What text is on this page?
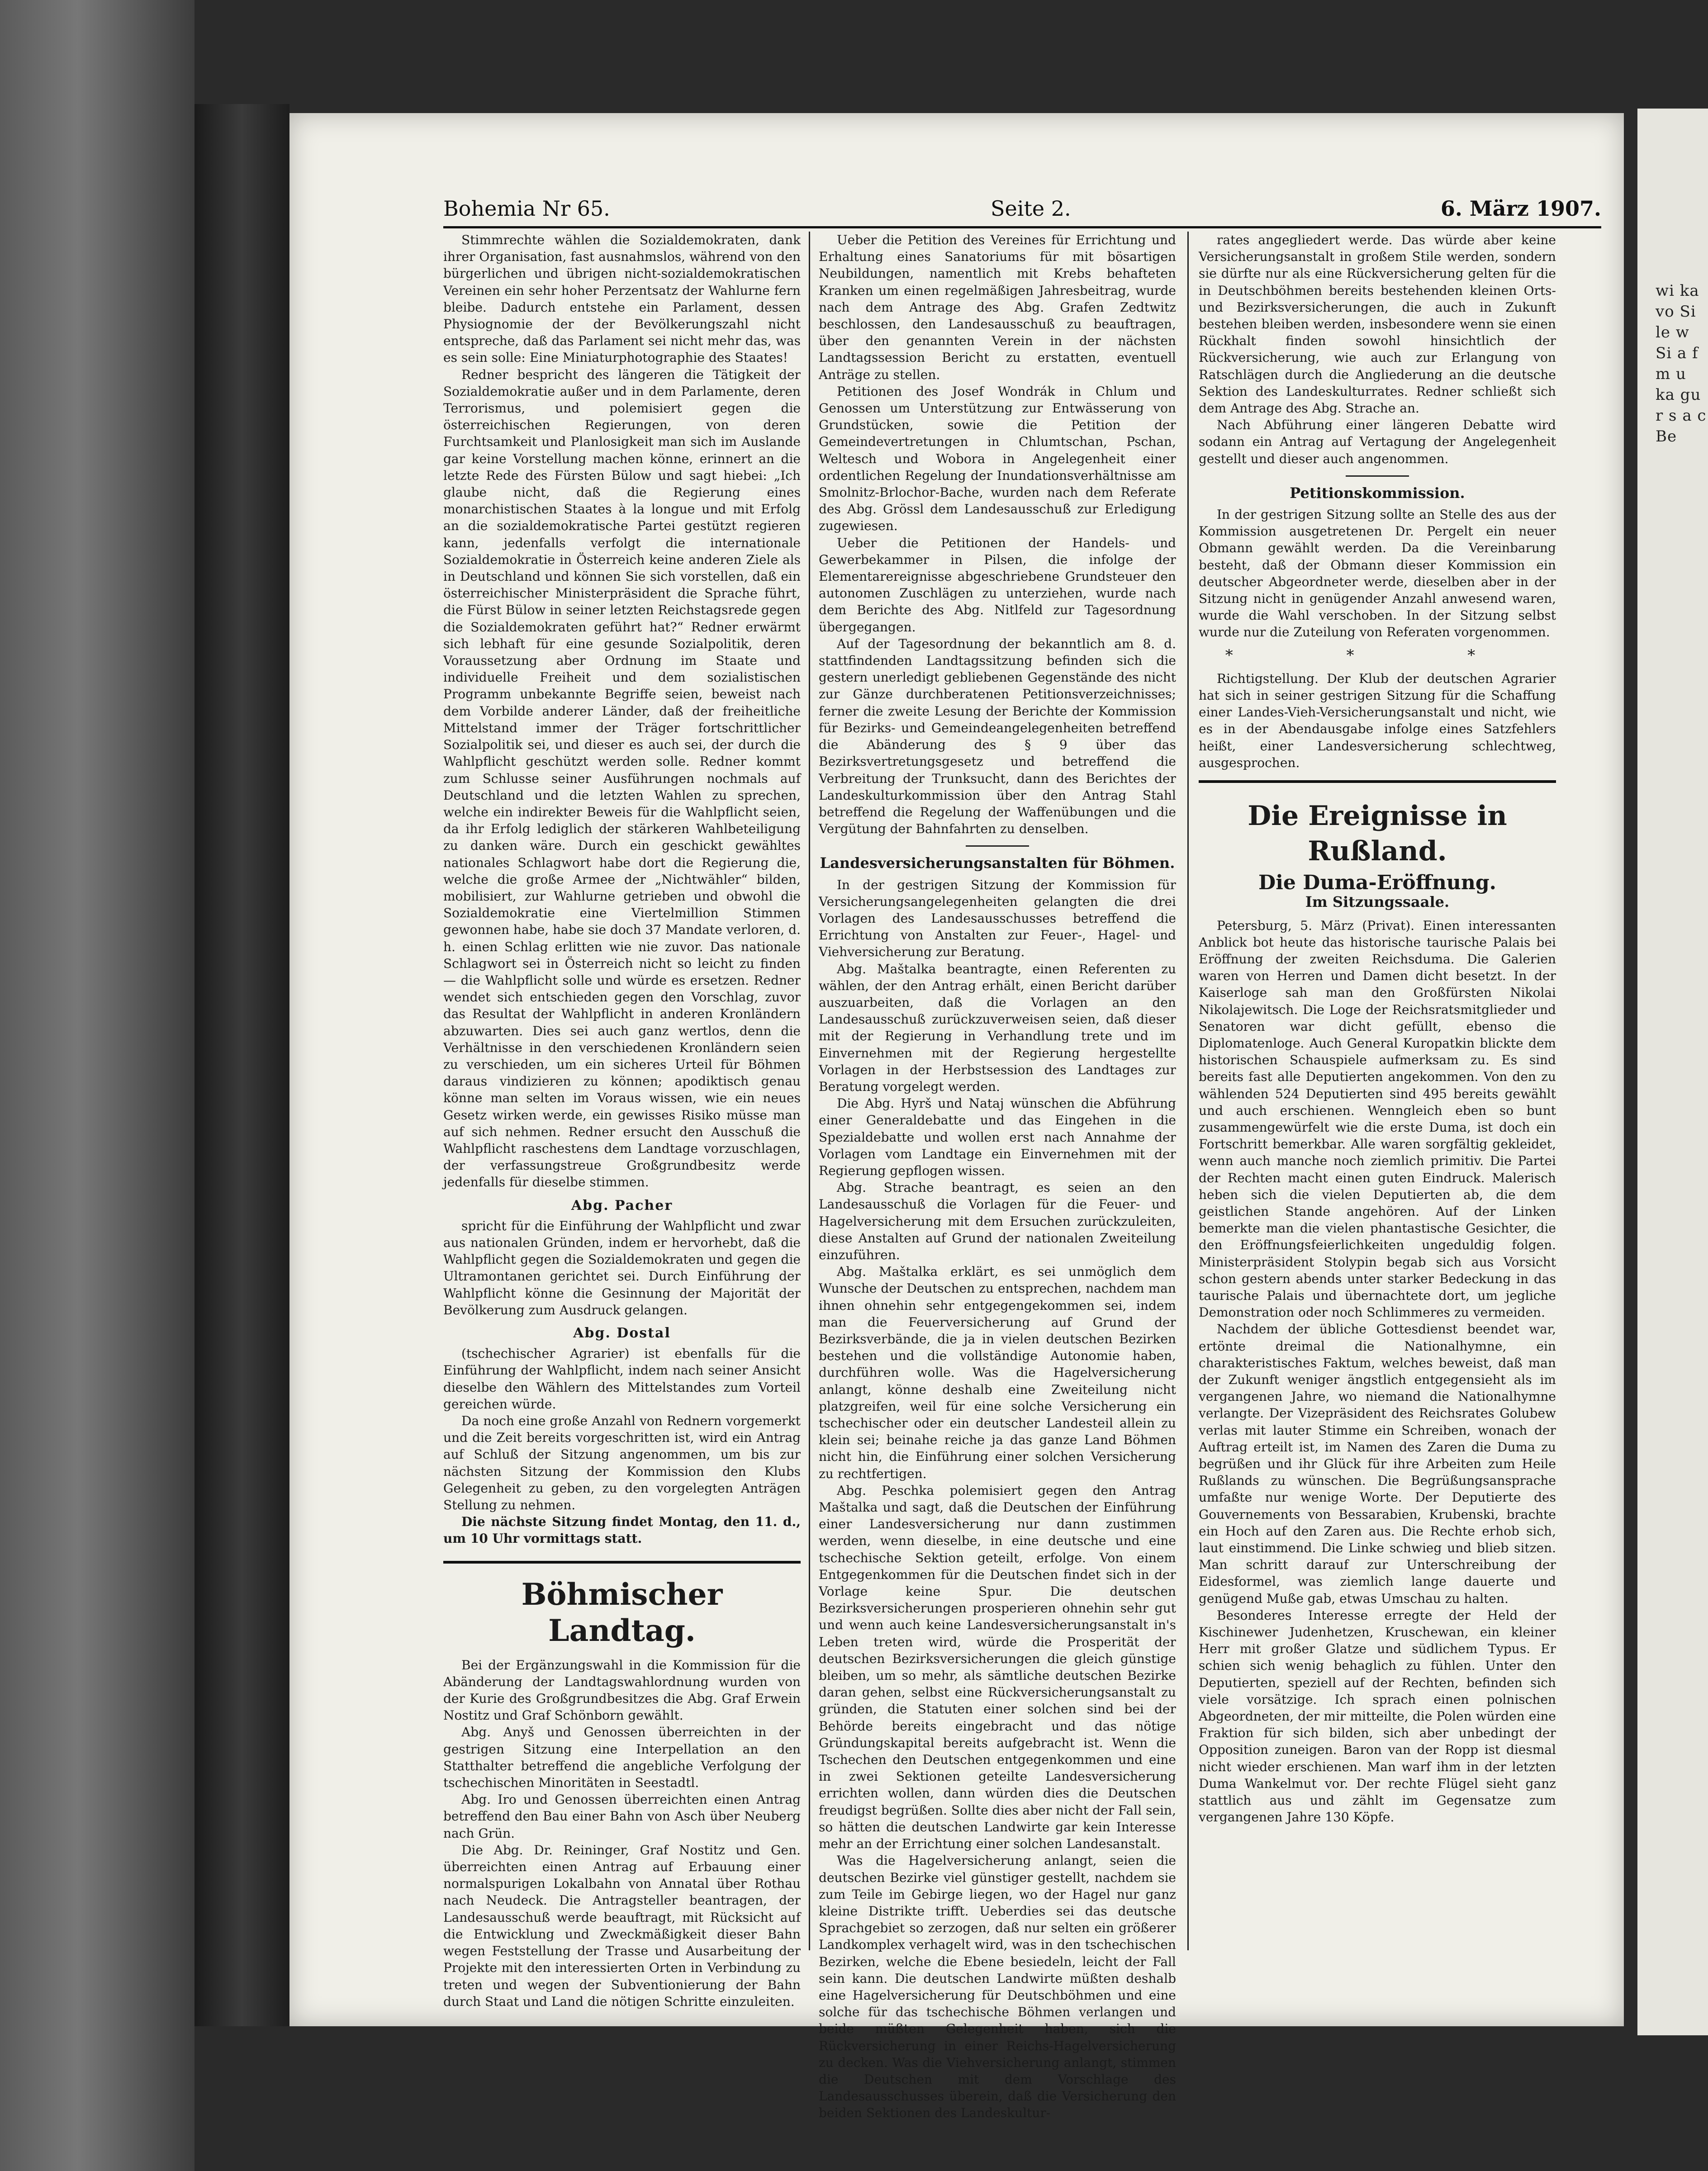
Bohemia Nr 65.	Seite 2.	6. März 1907.

Stimmrechte wählen die Sozialdemokraten, dank ihrer Organisation, fast ausnahmslos, während von den bürgerlichen und übrigen nicht-sozialdemokratischen Vereinen ein sehr hoher Perzentsatz der Wahlurne fern bleibe. Dadurch entstehe ein Parlament, dessen Physiognomie der der Bevölkerungszahl nicht entspreche, daß das Parlament sei nicht mehr das, was es sein solle: Eine Miniaturphotographie des Staates!

Redner bespricht des längeren die Tätigkeit der Sozialdemokratie außer und in dem Parlamente, deren Terrorismus, und polemisiert gegen die österreichischen Regierungen, von deren Furchtsamkeit und Planlosigkeit man sich im Auslande gar keine Vorstellung machen könne, erinnert an die letzte Rede des Fürsten Bülow und sagt hiebei: „Ich glaube nicht, daß die Regierung eines monarchistischen Staates à la longue und mit Erfolg an die sozialdemokratische Partei gestützt regieren kann, jedenfalls verfolgt die internationale Sozialdemokratie in Österreich keine anderen Ziele als in Deutschland und können Sie sich vorstellen, daß ein österreichischer Ministerpräsident die Sprache führt, die Fürst Bülow in seiner letzten Reichstagsrede gegen die Sozialdemokraten geführt hat?“ Redner erwärmt sich lebhaft für eine gesunde Sozialpolitik, deren Voraussetzung aber Ordnung im Staate und individuelle Freiheit und dem sozialistischen Programm unbekannte Begriffe seien, beweist nach dem Vorbilde anderer Länder, daß der freiheitliche Mittelstand immer der Träger fortschrittlicher Sozialpolitik sei, und dieser es auch sei, der durch die Wahlpflicht geschützt werden solle. Redner kommt zum Schlusse seiner Ausführungen nochmals auf Deutschland und die letzten Wahlen zu sprechen, welche ein indirekter Beweis für die Wahlpflicht seien, da ihr Erfolg lediglich der stärkeren Wahlbeteiligung zu danken wäre. Durch ein geschickt gewähltes nationales Schlagwort habe dort die Regierung die, welche die große Armee der „Nichtwähler“ bilden, mobilisiert, zur Wahlurne getrieben und obwohl die Sozialdemokratie eine Viertelmillion Stimmen gewonnen habe, habe sie doch 37 Mandate verloren, d. h. einen Schlag erlitten wie nie zuvor. Das nationale Schlagwort sei in Österreich nicht so leicht zu finden — die Wahlpflicht solle und würde es ersetzen. Redner wendet sich entschieden gegen den Vorschlag, zuvor das Resultat der Wahlpflicht in anderen Kronländern abzuwarten. Dies sei auch ganz wertlos, denn die Verhältnisse in den verschiedenen Kronländern seien zu verschieden, um ein sicheres Urteil für Böhmen daraus vindizieren zu können; apodiktisch genau könne man selten im Voraus wissen, wie ein neues Gesetz wirken werde, ein gewisses Risiko müsse man auf sich nehmen. Redner ersucht den Ausschuß die Wahlpflicht raschestens dem Landtage vorzuschlagen, der verfassungstreue Großgrundbesitz werde jedenfalls für dieselbe stimmen.

Abg. Pacher

spricht für die Einführung der Wahlpflicht und zwar aus nationalen Gründen, indem er hervorhebt, daß die Wahlpflicht gegen die Sozialdemokraten und gegen die Ultramontanen gerichtet sei. Durch Einführung der Wahlpflicht könne die Gesinnung der Majorität der Bevölkerung zum Ausdruck gelangen.

Abg. Dostal

(tschechischer Agrarier) ist ebenfalls für die Einführung der Wahlpflicht, indem nach seiner Ansicht dieselbe den Wählern des Mittelstandes zum Vorteil gereichen würde.

Da noch eine große Anzahl von Rednern vorgemerkt und die Zeit bereits vorgeschritten ist, wird ein Antrag auf Schluß der Sitzung angenommen, um bis zur nächsten Sitzung der Kommission den Klubs Gelegenheit zu geben, zu den vorgelegten Anträgen Stellung zu nehmen.

Die nächste Sitzung findet Montag, den 11. d., um 10 Uhr vormittags statt.

Böhmischer Landtag.

Bei der Ergänzungswahl in die Kommission für die Abänderung der Landtagswahlordnung wurden von der Kurie des Großgrundbesitzes die Abg. Graf Erwein Nostitz und Graf Schönborn gewählt.

Abg. Anyš und Genossen überreichten in der gestrigen Sitzung eine Interpellation an den Statthalter betreffend die angebliche Verfolgung der tschechischen Minoritäten in Seestadtl.

Abg. Iro und Genossen überreichten einen Antrag betreffend den Bau einer Bahn von Asch über Neuberg nach Grün.

Die Abg. Dr. Reininger, Graf Nostitz und Gen. überreichten einen Antrag auf Erbauung einer normalspurigen Lokalbahn von Annatal über Rothau nach Neudeck. Die Antragsteller beantragen, der Landesausschuß werde beauftragt, mit Rücksicht auf die Entwicklung und Zweckmäßigkeit dieser Bahn wegen Feststellung der Trasse und Ausarbeitung der Projekte mit den interessierten Orten in Verbindung zu treten und wegen der Subventionierung der Bahn durch Staat und Land die nötigen Schritte einzuleiten.

Ueber die Petition des Vereines für Errichtung und Erhaltung eines Sanatoriums für mit bösartigen Neubildungen, namentlich mit Krebs behafteten Kranken um einen regelmäßigen Jahresbeitrag, wurde nach dem Antrage des Abg. Grafen Zedtwitz beschlossen, den Landesausschuß zu beauftragen, über den genannten Verein in der nächsten Landtagssession Bericht zu erstatten, eventuell Anträge zu stellen.

Petitionen des Josef Wondrák in Chlum und Genossen um Unterstützung zur Entwässerung von Grundstücken, sowie die Petition der Gemeindevertretungen in Chlumtschan, Pschan, Weltesch und Wobora in Angelegenheit einer ordentlichen Regelung der Inundationsverhältnisse am Smolnitz-Brlochor-Bache, wurden nach dem Referate des Abg. Grössl dem Landesausschuß zur Erledigung zugewiesen.

Ueber die Petitionen der Handels- und Gewerbekammer in Pilsen, die infolge der Elementarereignisse abgeschriebene Grundsteuer den autonomen Zuschlägen zu unterziehen, wurde nach dem Berichte des Abg. Nitlfeld zur Tagesordnung übergegangen.

Auf der Tagesordnung der bekanntlich am 8. d. stattfindenden Landtagssitzung befinden sich die gestern unerledigt gebliebenen Gegenstände des nicht zur Gänze durchberatenen Petitionsverzeichnisses; ferner die zweite Lesung der Berichte der Kommission für Bezirks- und Gemeindeangelegenheiten betreffend die Abänderung des § 9 über das Bezirksvertretungsgesetz und betreffend die Verbreitung der Trunksucht, dann des Berichtes der Landeskulturkommission über den Antrag Stahl betreffend die Regelung der Waffenübungen und die Vergütung der Bahnfahrten zu denselben.

Landesversicherungsanstalten für Böhmen.

In der gestrigen Sitzung der Kommission für Versicherungsangelegenheiten gelangten die drei Vorlagen des Landesausschusses betreffend die Errichtung von Anstalten zur Feuer-, Hagel- und Viehversicherung zur Beratung.

Abg. Maštalka beantragte, einen Referenten zu wählen, der den Antrag erhält, einen Bericht darüber auszuarbeiten, daß die Vorlagen an den Landesausschuß zurückzuverweisen seien, daß dieser mit der Regierung in Verhandlung trete und im Einvernehmen mit der Regierung hergestellte Vorlagen in der Herbstsession des Landtages zur Beratung vorgelegt werden.

Die Abg. Hyrš und Nataj wünschen die Abführung einer Generaldebatte und das Eingehen in die Spezialdebatte und wollen erst nach Annahme der Vorlagen vom Landtage ein Einvernehmen mit der Regierung gepflogen wissen.

Abg. Strache beantragt, es seien an den Landesausschuß die Vorlagen für die Feuer- und Hagelversicherung mit dem Ersuchen zurückzuleiten, diese Anstalten auf Grund der nationalen Zweiteilung einzuführen.

Abg. Maštalka erklärt, es sei unmöglich dem Wunsche der Deutschen zu entsprechen, nachdem man ihnen ohnehin sehr entgegengekommen sei, indem man die Feuerversicherung auf Grund der Bezirksverbände, die ja in vielen deutschen Bezirken bestehen und die vollständige Autonomie haben, durchführen wolle. Was die Hagelversicherung anlangt, könne deshalb eine Zweiteilung nicht platzgreifen, weil für eine solche Versicherung ein tschechischer oder ein deutscher Landesteil allein zu klein sei; beinahe reiche ja das ganze Land Böhmen nicht hin, die Einführung einer solchen Versicherung zu rechtfertigen.

Abg. Peschka polemisiert gegen den Antrag Maštalka und sagt, daß die Deutschen der Einführung einer Landesversicherung nur dann zustimmen werden, wenn dieselbe, in eine deutsche und eine tschechische Sektion geteilt, erfolge. Von einem Entgegenkommen für die Deutschen findet sich in der Vorlage keine Spur. Die deutschen Bezirksversicherungen prosperieren ohnehin sehr gut und wenn auch keine Landesversicherungsanstalt in's Leben treten wird, würde die Prosperität der deutschen Bezirksversicherungen die gleich günstige bleiben, um so mehr, als sämtliche deutschen Bezirke daran gehen, selbst eine Rückversicherungsanstalt zu gründen, die Statuten einer solchen sind bei der Behörde bereits eingebracht und das nötige Gründungskapital bereits aufgebracht ist. Wenn die Tschechen den Deutschen entgegenkommen und eine in zwei Sektionen geteilte Landesversicherung errichten wollen, dann würden dies die Deutschen freudigst begrüßen. Sollte dies aber nicht der Fall sein, so hätten die deutschen Landwirte gar kein Interesse mehr an der Errichtung einer solchen Landesanstalt.

Was die Hagelversicherung anlangt, seien die deutschen Bezirke viel günstiger gestellt, nachdem sie zum Teile im Gebirge liegen, wo der Hagel nur ganz kleine Distrikte trifft. Ueberdies sei das deutsche Sprachgebiet so zerzogen, daß nur selten ein größerer Landkomplex verhagelt wird, was in den tschechischen Bezirken, welche die Ebene besiedeln, leicht der Fall sein kann. Die deutschen Landwirte müßten deshalb eine Hagelversicherung für Deutschböhmen und eine solche für das tschechische Böhmen verlangen und beide müßten Gelegenheit haben, sich die Rückversicherung in einer Reichs-Hagelversicherung zu decken. Was die Viehversicherung anlangt, stimmen die Deutschen mit dem Vorschlage des Landesausschusses überein, daß die Versicherung den beiden Sektionen des Landeskultur-

rates angegliedert werde. Das würde aber keine Versicherungsanstalt in großem Stile werden, sondern sie dürfte nur als eine Rückversicherung gelten für die in Deutschböhmen bereits bestehenden kleinen Orts- und Bezirksversicherungen, die auch in Zukunft bestehen bleiben werden, insbesondere wenn sie einen Rückhalt finden sowohl hinsichtlich der Rückversicherung, wie auch zur Erlangung von Ratschlägen durch die Angliederung an die deutsche Sektion des Landeskulturrates. Redner schließt sich dem Antrage des Abg. Strache an.

Nach Abführung einer längeren Debatte wird sodann ein Antrag auf Vertagung der Angelegenheit gestellt und dieser auch angenommen.

Petitionskommission.

In der gestrigen Sitzung sollte an Stelle des aus der Kommission ausgetretenen Dr. Pergelt ein neuer Obmann gewählt werden. Da die Vereinbarung besteht, daß der Obmann dieser Kommission ein deutscher Abgeordneter werde, dieselben aber in der Sitzung nicht in genügender Anzahl anwesend waren, wurde die Wahl verschoben. In der Sitzung selbst wurde nur die Zuteilung von Referaten vorgenommen.

* * *

Richtigstellung. Der Klub der deutschen Agrarier hat sich in seiner gestrigen Sitzung für die Schaffung einer Landes-Vieh-Versicherungsanstalt und nicht, wie es in der Abendausgabe infolge eines Satzfehlers heißt, einer Landesversicherung schlechtweg, ausgesprochen.

Die Ereignisse in Rußland.
Die Duma-Eröffnung.
Im Sitzungssaale.

Petersburg, 5. März (Privat). Einen interessanten Anblick bot heute das historische taurische Palais bei Eröffnung der zweiten Reichsduma. Die Galerien waren von Herren und Damen dicht besetzt. In der Kaiserloge sah man den Großfürsten Nikolai Nikolajewitsch. Die Loge der Reichsratsmitglieder und Senatoren war dicht gefüllt, ebenso die Diplomatenloge. Auch General Kuropatkin blickte dem historischen Schauspiele aufmerksam zu. Es sind bereits fast alle Deputierten angekommen. Von den zu wählenden 524 Deputierten sind 495 bereits gewählt und auch erschienen. Wenngleich eben so bunt zusammengewürfelt wie die erste Duma, ist doch ein Fortschritt bemerkbar. Alle waren sorgfältig gekleidet, wenn auch manche noch ziemlich primitiv. Die Partei der Rechten macht einen guten Eindruck. Malerisch heben sich die vielen Deputierten ab, die dem geistlichen Stande angehören. Auf der Linken bemerkte man die vielen phantastische Gesichter, die den Eröffnungsfeierlichkeiten ungeduldig folgen. Ministerpräsident Stolypin begab sich aus Vorsicht schon gestern abends unter starker Bedeckung in das taurische Palais und übernachtete dort, um jegliche Demonstration oder noch Schlimmeres zu vermeiden.

Nachdem der übliche Gottesdienst beendet war, ertönte dreimal die Nationalhymne, ein charakteristisches Faktum, welches beweist, daß man der Zukunft weniger ängstlich entgegensieht als im vergangenen Jahre, wo niemand die Nationalhymne verlangte. Der Vizepräsident des Reichsrates Golubew verlas mit lauter Stimme ein Schreiben, wonach der Auftrag erteilt ist, im Namen des Zaren die Duma zu begrüßen und ihr Glück für ihre Arbeiten zum Heile Rußlands zu wünschen. Die Begrüßungsansprache umfaßte nur wenige Worte. Der Deputierte des Gouvernements von Bessarabien, Krubenski, brachte ein Hoch auf den Zaren aus. Die Rechte erhob sich, laut einstimmend. Die Linke schwieg und blieb sitzen. Man schritt darauf zur Unterschreibung der Eidesformel, was ziemlich lange dauerte und genügend Muße gab, etwas Umschau zu halten.

Besonderes Interesse erregte der Held der Kischinewer Judenhetzen, Kruschewan, ein kleiner Herr mit großer Glatze und südlichem Typus. Er schien sich wenig behaglich zu fühlen. Unter den Deputierten, speziell auf der Rechten, befinden sich viele vorsätzige. Ich sprach einen polnischen Abgeordneten, der mir mitteilte, die Polen würden eine Fraktion für sich bilden, sich aber unbedingt der Opposition zuneigen. Baron van der Ropp ist diesmal nicht wieder erschienen. Man warf ihm in der letzten Duma Wankelmut vor. Der rechte Flügel sieht ganz stattlich aus und zählt im Gegensatze zum vergangenen Jahre 130 Köpfe.

wi ka vo Si le w Si a f m u ka gu r s a c Be
